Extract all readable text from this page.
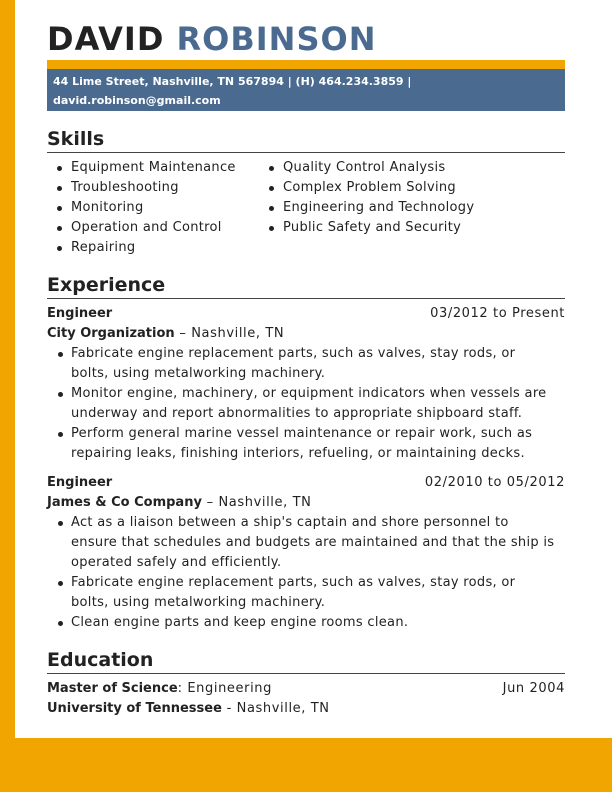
DAVID ROBINSON
44 Lime Street, Nashville, TN 567894 | (H) 464.234.3859 |
david.robinson@gmail.com
Skills
Equipment Maintenance
Troubleshooting
Monitoring
Operation and Control
Repairing
Quality Control Analysis
Complex Problem Solving
Engineering and Technology
Public Safety and Security
Experience
Engineer	03/2012 to Present
City Organization – Nashville, TN
Fabricate engine replacement parts, such as valves, stay rods, or bolts, using metalworking machinery.
Monitor engine, machinery, or equipment indicators when vessels are underway and report abnormalities to appropriate shipboard staff.
Perform general marine vessel maintenance or repair work, such as repairing leaks, finishing interiors, refueling, or maintaining decks.
Engineer	02/2010 to 05/2012
James & Co Company – Nashville, TN
Act as a liaison between a ship's captain and shore personnel to ensure that schedules and budgets are maintained and that the ship is operated safely and efficiently.
Fabricate engine replacement parts, such as valves, stay rods, or bolts, using metalworking machinery.
Clean engine parts and keep engine rooms clean.
Education
Master of Science: Engineering	Jun 2004
University of Tennessee - Nashville, TN
